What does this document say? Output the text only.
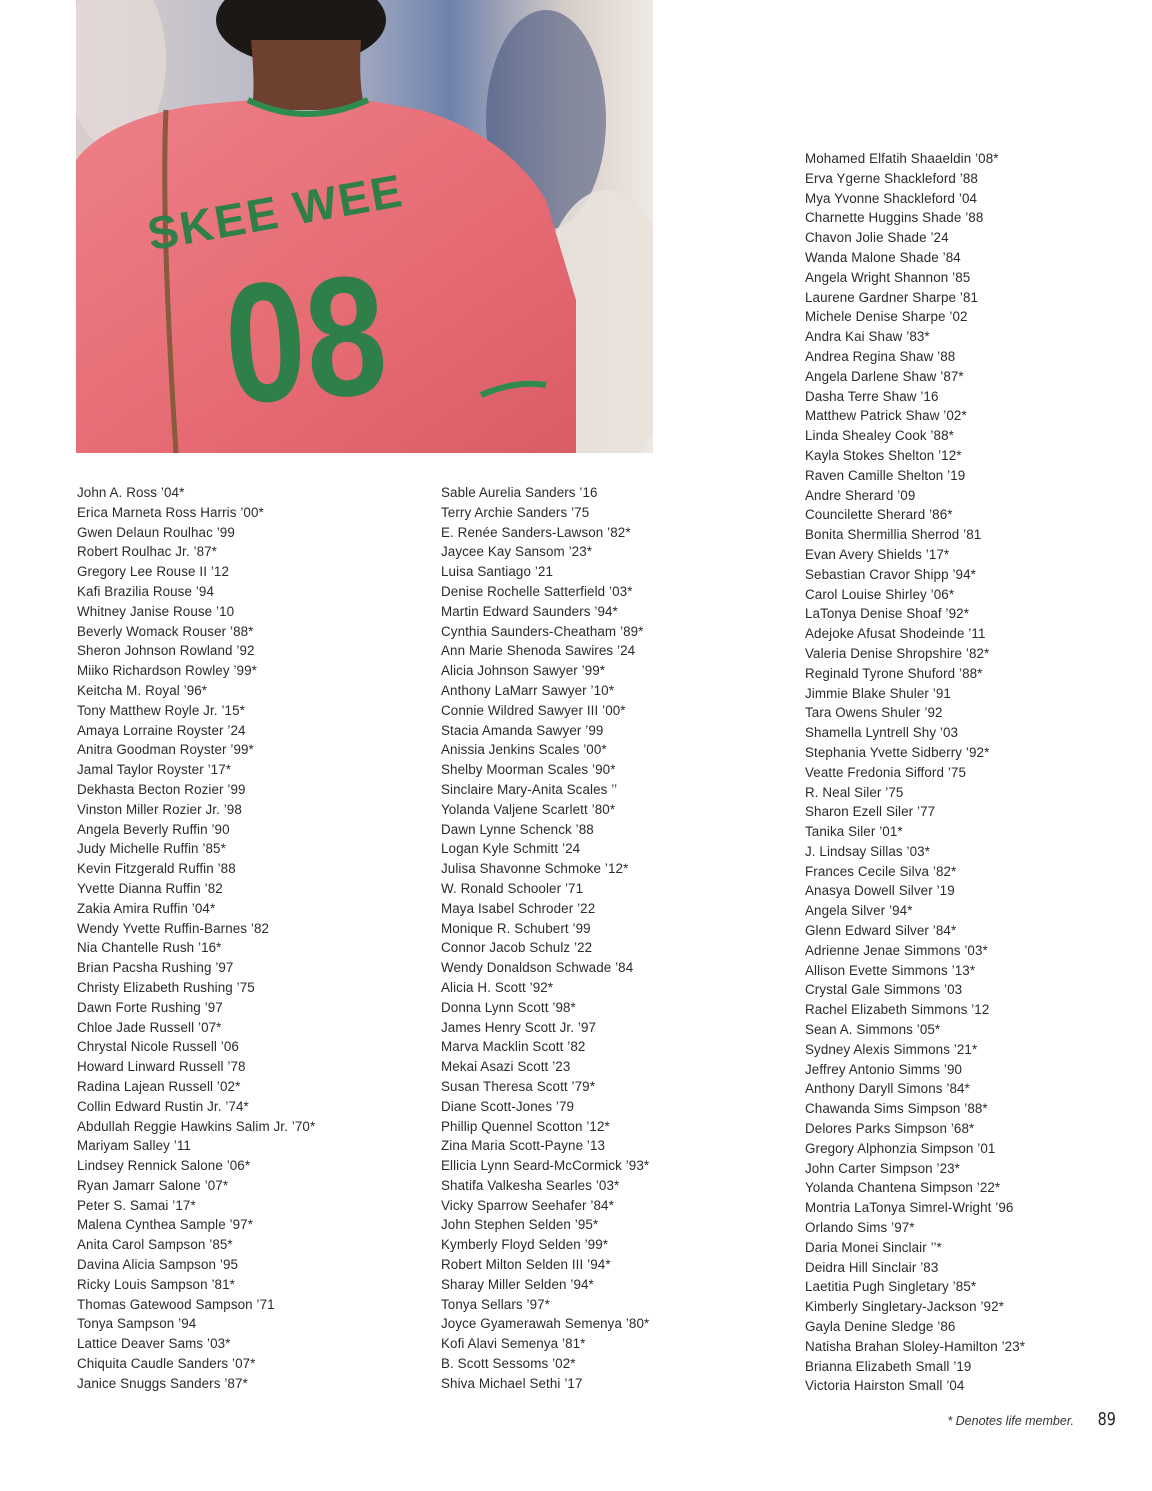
SKEE WEE
08
John A. Ross ’04*
Erica Marneta Ross Harris ’00*
Gwen Delaun Roulhac ’99
Robert Roulhac Jr. ’87*
Gregory Lee Rouse II ’12
Kafi Brazilia Rouse ’94
Whitney Janise Rouse ’10
Beverly Womack Rouser ’88*
Sheron Johnson Rowland ’92
Miiko Richardson Rowley ’99*
Keitcha M. Royal ’96*
Tony Matthew Royle Jr. ’15*
Amaya Lorraine Royster ’24
Anitra Goodman Royster ’99*
Jamal Taylor Royster ’17*
Dekhasta Becton Rozier ’99
Vinston Miller Rozier Jr. ’98
Angela Beverly Ruffin ’90
Judy Michelle Ruffin ’85*
Kevin Fitzgerald Ruffin ’88
Yvette Dianna Ruffin ’82
Zakia Amira Ruffin ’04*
Wendy Yvette Ruffin-Barnes ’82
Nia Chantelle Rush ’16*
Brian Pacsha Rushing ’97
Christy Elizabeth Rushing ’75
Dawn Forte Rushing ’97
Chloe Jade Russell ’07*
Chrystal Nicole Russell ’06
Howard Linward Russell ’78
Radina Lajean Russell ’02*
Collin Edward Rustin Jr. ’74*
Abdullah Reggie Hawkins Salim Jr. ’70*
Mariyam Salley ’11
Lindsey Rennick Salone ’06*
Ryan Jamarr Salone ’07*
Peter S. Samai ’17*
Malena Cynthea Sample ’97*
Anita Carol Sampson ’85*
Davina Alicia Sampson ’95
Ricky Louis Sampson ’81*
Thomas Gatewood Sampson ’71
Tonya Sampson ’94
Lattice Deaver Sams ’03*
Chiquita Caudle Sanders ’07*
Janice Snuggs Sanders ’87*
Sable Aurelia Sanders ’16
Terry Archie Sanders ’75
E. Renée Sanders-Lawson ’82*
Jaycee Kay Sansom ’23*
Luisa Santiago ’21
Denise Rochelle Satterfield ’03*
Martin Edward Saunders ’94*
Cynthia Saunders-Cheatham ’89*
Ann Marie Shenoda Sawires ’24
Alicia Johnson Sawyer ’99*
Anthony LaMarr Sawyer ’10*
Connie Wildred Sawyer III ’00*
Stacia Amanda Sawyer ’99
Anissia Jenkins Scales ’00*
Shelby Moorman Scales ’90*
Sinclaire Mary-Anita Scales ’’
Yolanda Valjene Scarlett ’80*
Dawn Lynne Schenck ’88
Logan Kyle Schmitt ’24
Julisa Shavonne Schmoke ’12*
W. Ronald Schooler ’71
Maya Isabel Schroder ’22
Monique R. Schubert ’99
Connor Jacob Schulz ’22
Wendy Donaldson Schwade ’84
Alicia H. Scott ’92*
Donna Lynn Scott ’98*
James Henry Scott Jr. ’97
Marva Macklin Scott ’82
Mekai Asazi Scott ’23
Susan Theresa Scott ’79*
Diane Scott-Jones ’79
Phillip Quennel Scotton ’12*
Zina Maria Scott-Payne ’13
Ellicia Lynn Seard-McCormick ’93*
Shatifa Valkesha Searles ’03*
Vicky Sparrow Seehafer ’84*
John Stephen Selden ’95*
Kymberly Floyd Selden ’99*
Robert Milton Selden III ’94*
Sharay Miller Selden ’94*
Tonya Sellars ’97*
Joyce Gyamerawah Semenya ’80*
Kofi Alavi Semenya ’81*
B. Scott Sessoms ’02*
Shiva Michael Sethi ’17
Mohamed Elfatih Shaaeldin ’08*
Erva Ygerne Shackleford ’88
Mya Yvonne Shackleford ’04
Charnette Huggins Shade ’88
Chavon Jolie Shade ’24
Wanda Malone Shade ’84
Angela Wright Shannon ’85
Laurene Gardner Sharpe ’81
Michele Denise Sharpe ’02
Andra Kai Shaw ’83*
Andrea Regina Shaw ’88
Angela Darlene Shaw ’87*
Dasha Terre Shaw ’16
Matthew Patrick Shaw ’02*
Linda Shealey Cook ’88*
Kayla Stokes Shelton ’12*
Raven Camille Shelton ’19
Andre Sherard ’09
Councilette Sherard ’86*
Bonita Shermillia Sherrod ’81
Evan Avery Shields ’17*
Sebastian Cravor Shipp ’94*
Carol Louise Shirley ’06*
LaTonya Denise Shoaf ’92*
Adejoke Afusat Shodeinde ’11
Valeria Denise Shropshire ’82*
Reginald Tyrone Shuford ’88*
Jimmie Blake Shuler ’91
Tara Owens Shuler ’92
Shamella Lyntrell Shy ’03
Stephania Yvette Sidberry ’92*
Veatte Fredonia Sifford ’75
R. Neal Siler ’75
Sharon Ezell Siler ’77
Tanika Siler ’01*
J. Lindsay Sillas ’03*
Frances Cecile Silva ’82*
Anasya Dowell Silver ’19
Angela Silver ’94*
Glenn Edward Silver ’84*
Adrienne Jenae Simmons ’03*
Allison Evette Simmons ’13*
Crystal Gale Simmons ’03
Rachel Elizabeth Simmons ’12
Sean A. Simmons ’05*
Sydney Alexis Simmons ’21*
Jeffrey Antonio Simms ’90
Anthony Daryll Simons ’84*
Chawanda Sims Simpson ’88*
Delores Parks Simpson ’68*
Gregory Alphonzia Simpson ’01
John Carter Simpson ’23*
Yolanda Chantena Simpson ’22*
Montria LaTonya Simrel-Wright ’96
Orlando Sims ’97*
Daria Monei Sinclair ’’*
Deidra Hill Sinclair ’83
Laetitia Pugh Singletary ’85*
Kimberly Singletary-Jackson ’92*
Gayla Denine Sledge ’86
Natisha Brahan Sloley-Hamilton ’23*
Brianna Elizabeth Small ’19
Victoria Hairston Small ’04
* Denotes life member. 89
